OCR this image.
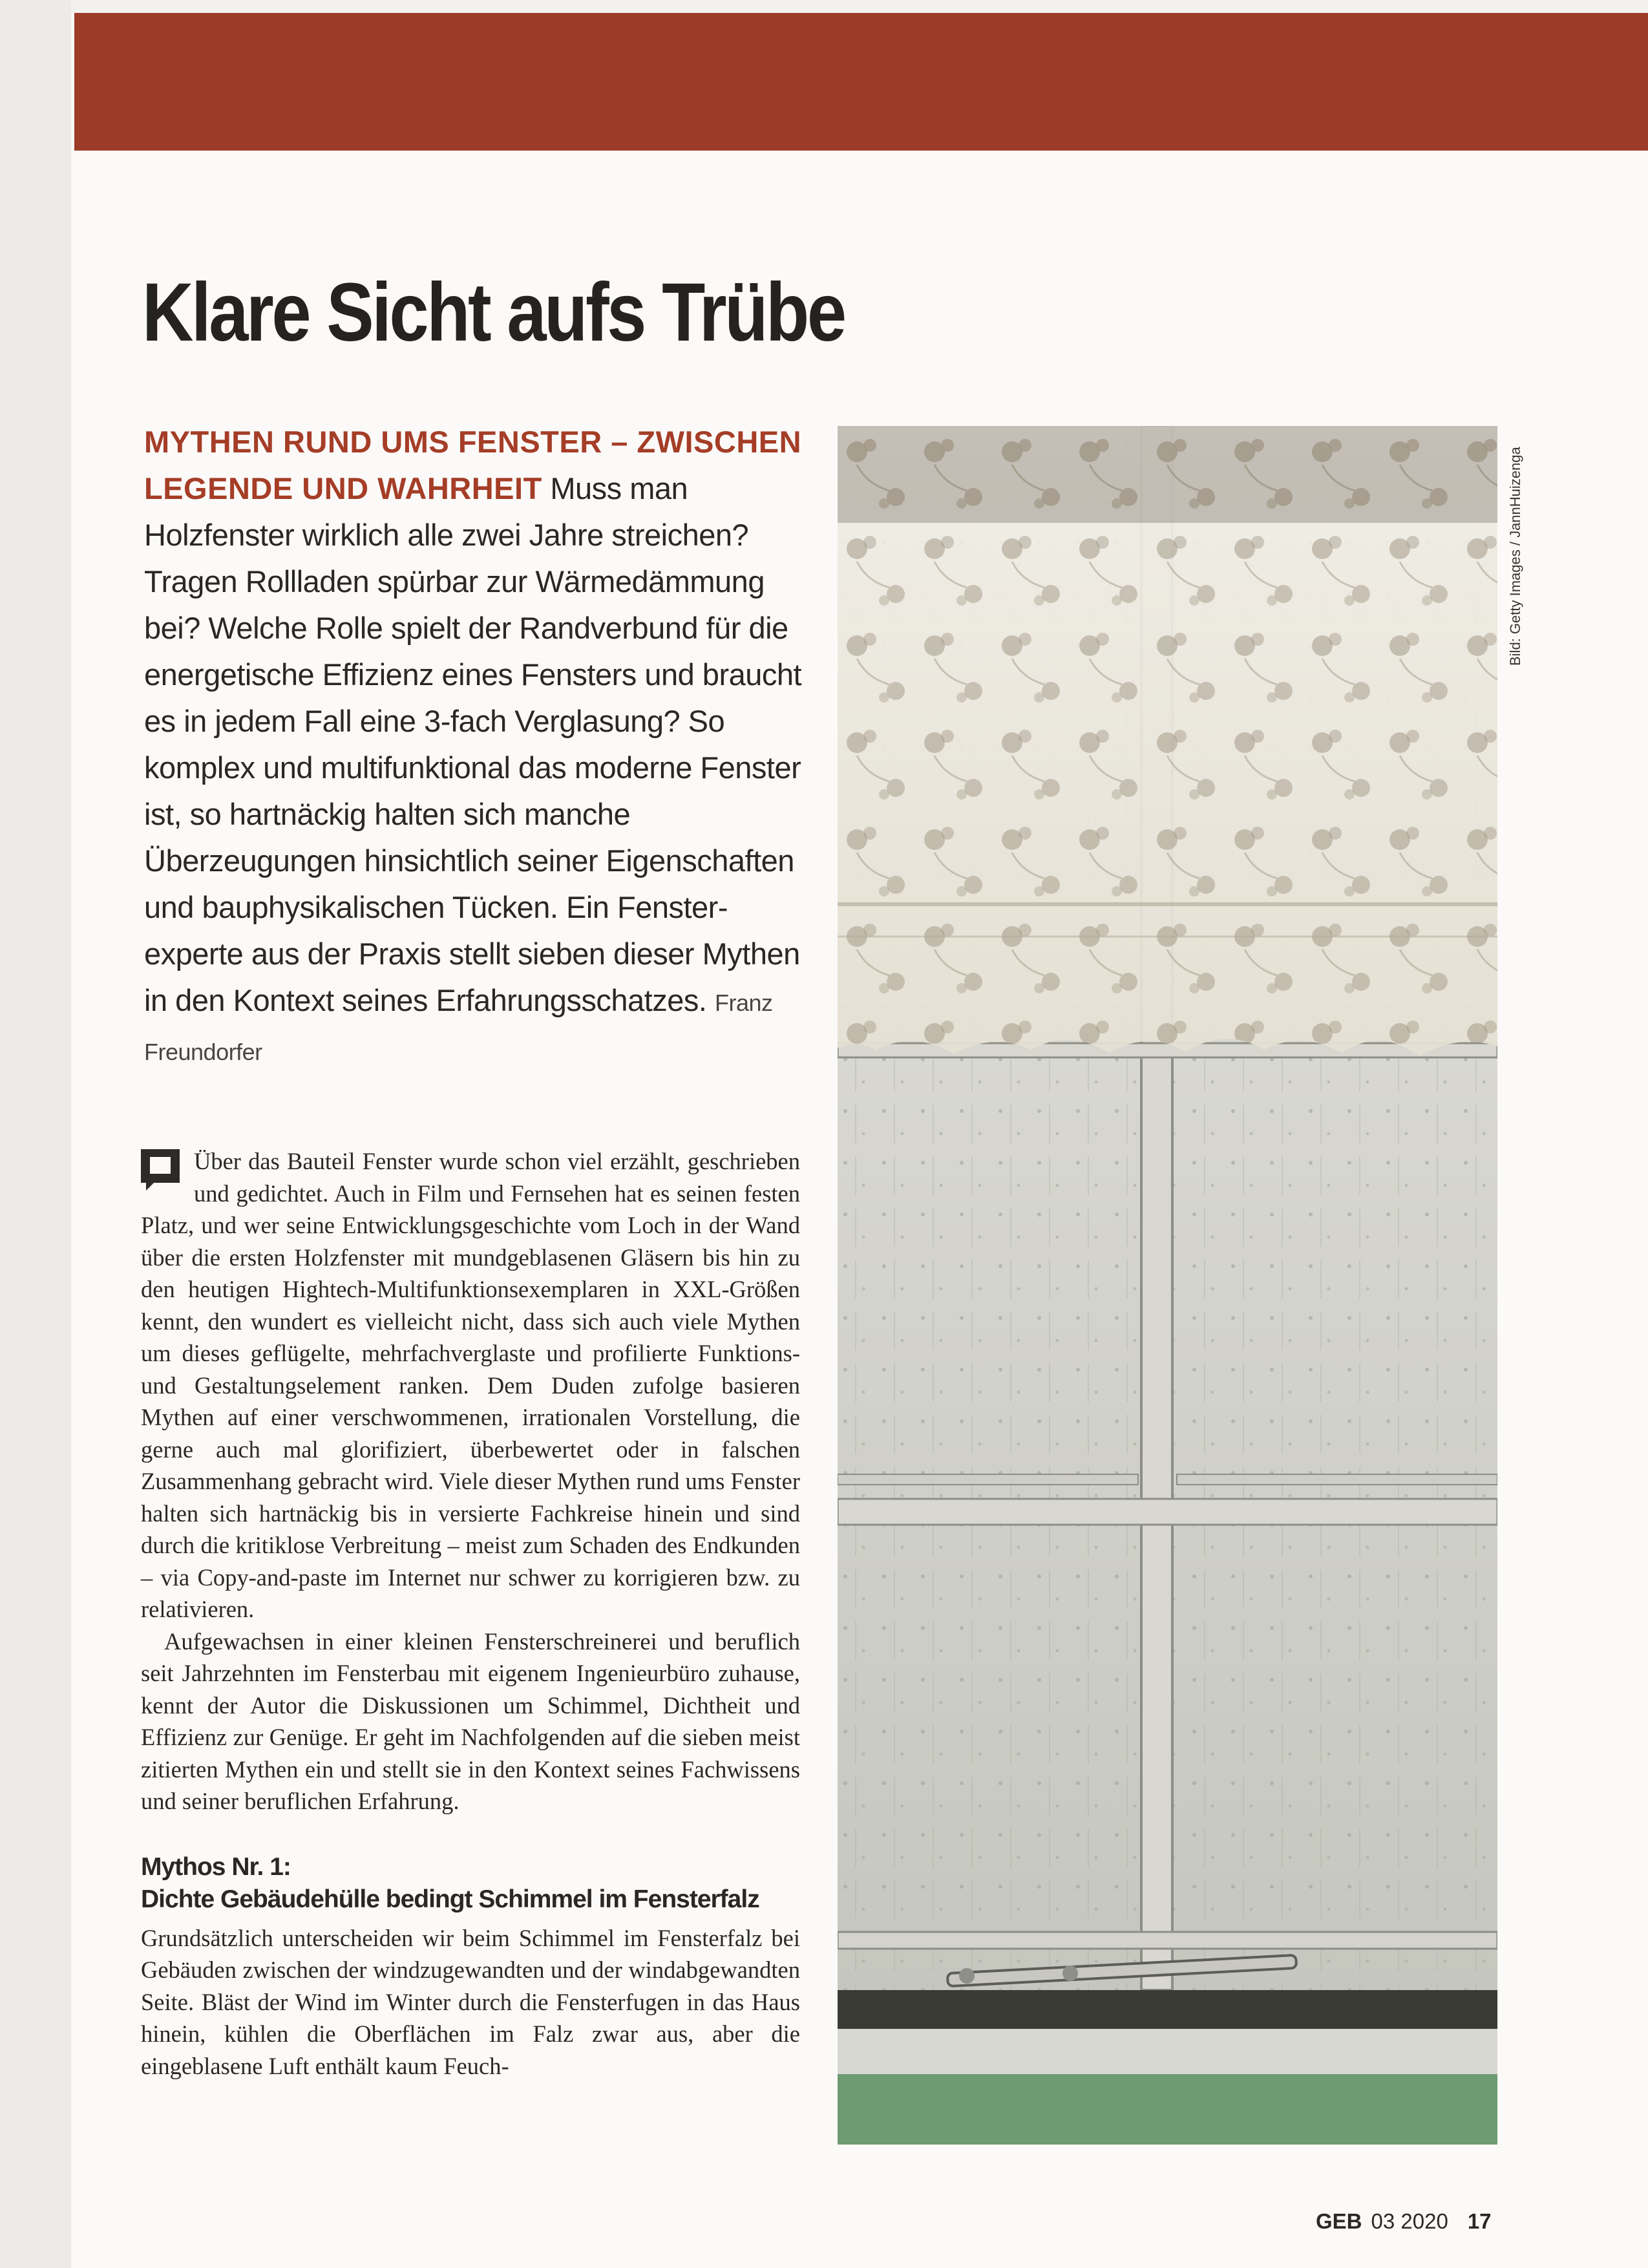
Klare Sicht aufs Trübe

MYTHEN RUND UMS FENSTER – ZWISCHEN
LEGENDE UND WAHRHEIT Muss man Holzfenster wirklich alle zwei Jahre streichen? Tragen Rollladen spürbar zur Wärmedämmung bei? Welche Rolle spielt der Randverbund für die energetische Effizienz eines Fensters und braucht es in jedem Fall eine 3-fach Verglasung? So komplex und multifunktional das moderne Fenster ist, so hartnäckig halten sich manche Überzeugungen hinsichtlich seiner Eigenschaften und bauphysikalischen Tücken. Ein Fensterexperte aus der Praxis stellt sieben dieser Mythen in den Kontext seines Erfahrungsschatzes. Franz Freundorfer

Über das Bauteil Fenster wurde schon viel erzählt, geschrieben und gedichtet. Auch in Film und Fernsehen hat es seinen festen Platz, und wer seine Entwicklungsgeschichte vom Loch in der Wand über die ersten Holzfenster mit mundgeblasenen Gläsern bis hin zu den heutigen Hightech-Multifunktionsexemplaren in XXL-Größen kennt, den wundert es vielleicht nicht, dass sich auch viele Mythen um dieses geflügelte, mehrfachverglaste und profilierte Funktions- und Gestaltungselement ranken. Dem Duden zufolge basieren Mythen auf einer verschwommenen, irrationalen Vorstellung, die gerne auch mal glorifiziert, überbewertet oder in falschen Zusammenhang gebracht wird. Viele dieser Mythen rund ums Fenster halten sich hartnäckig bis in versierte Fachkreise hinein und sind durch die kritiklose Verbreitung – meist zum Schaden des Endkunden – via Copy-and-paste im Internet nur schwer zu korrigieren bzw. zu relativieren.

Aufgewachsen in einer kleinen Fensterschreinerei und beruflich seit Jahrzehnten im Fensterbau mit eigenem Ingenieurbüro zuhause, kennt der Autor die Diskussionen um Schimmel, Dichtheit und Effizienz zur Genüge. Er geht im Nachfolgenden auf die sieben meist zitierten Mythen ein und stellt sie in den Kontext seines Fachwissens und seiner beruflichen Erfahrung.

Mythos Nr. 1:
Dichte Gebäudehülle bedingt Schimmel im Fensterfalz

Grundsätzlich unterscheiden wir beim Schimmel im Fensterfalz bei Gebäuden zwischen der windzugewandten und der windabgewandten Seite. Bläst der Wind im Winter durch die Fensterfugen in das Haus hinein, kühlen die Oberflächen im Falz zwar aus, aber die eingeblasene Luft enthält kaum Feuch-

Bild: Getty Images / JannHuizenga
GEB 03 2020 17
